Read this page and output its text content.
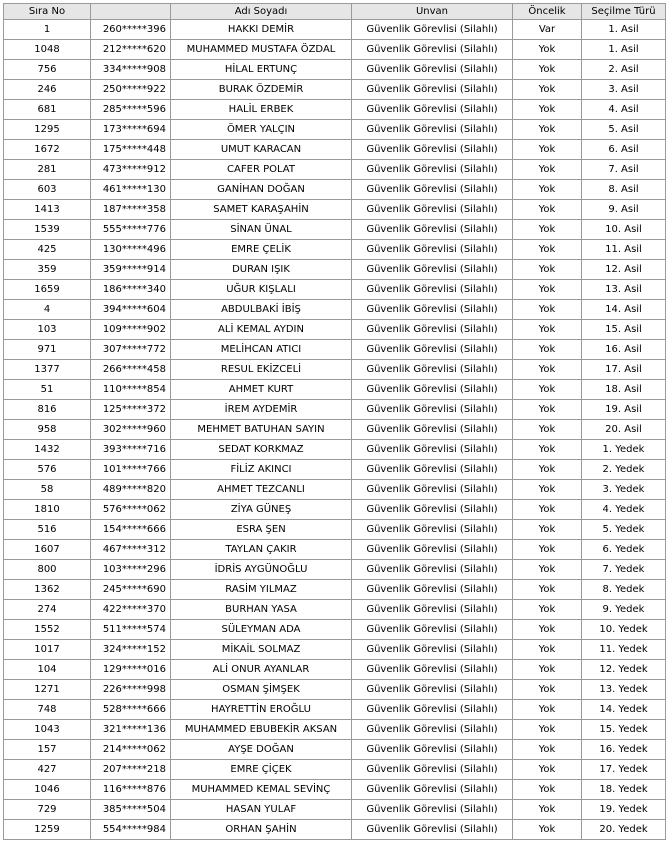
Sıra No		Adı Soyadı	Unvan	Öncelik	Seçilme Türü
1	260*****396	HAKKI DEMİR	Güvenlik Görevlisi (Silahlı)	Var	1. Asil
1048	212*****620	MUHAMMED MUSTAFA ÖZDAL	Güvenlik Görevlisi (Silahlı)	Yok	1. Asil
756	334*****908	HİLAL ERTUNÇ	Güvenlik Görevlisi (Silahlı)	Yok	2. Asil
246	250*****922	BURAK ÖZDEMİR	Güvenlik Görevlisi (Silahlı)	Yok	3. Asil
681	285*****596	HALİL ERBEK	Güvenlik Görevlisi (Silahlı)	Yok	4. Asil
1295	173*****694	ÖMER YALÇIN	Güvenlik Görevlisi (Silahlı)	Yok	5. Asil
1672	175*****448	UMUT KARACAN	Güvenlik Görevlisi (Silahlı)	Yok	6. Asil
281	473*****912	CAFER POLAT	Güvenlik Görevlisi (Silahlı)	Yok	7. Asil
603	461*****130	GANİHAN DOĞAN	Güvenlik Görevlisi (Silahlı)	Yok	8. Asil
1413	187*****358	SAMET KARAŞAHİN	Güvenlik Görevlisi (Silahlı)	Yok	9. Asil
1539	555*****776	SİNAN ÜNAL	Güvenlik Görevlisi (Silahlı)	Yok	10. Asil
425	130*****496	EMRE ÇELİK	Güvenlik Görevlisi (Silahlı)	Yok	11. Asil
359	359*****914	DURAN IŞIK	Güvenlik Görevlisi (Silahlı)	Yok	12. Asil
1659	186*****340	UĞUR KIŞLALI	Güvenlik Görevlisi (Silahlı)	Yok	13. Asil
4	394*****604	ABDULBAKİ İBİŞ	Güvenlik Görevlisi (Silahlı)	Yok	14. Asil
103	109*****902	ALİ KEMAL AYDIN	Güvenlik Görevlisi (Silahlı)	Yok	15. Asil
971	307*****772	MELİHCAN ATICI	Güvenlik Görevlisi (Silahlı)	Yok	16. Asil
1377	266*****458	RESUL EKİZCELİ	Güvenlik Görevlisi (Silahlı)	Yok	17. Asil
51	110*****854	AHMET KURT	Güvenlik Görevlisi (Silahlı)	Yok	18. Asil
816	125*****372	İREM AYDEMİR	Güvenlik Görevlisi (Silahlı)	Yok	19. Asil
958	302*****960	MEHMET BATUHAN SAYIN	Güvenlik Görevlisi (Silahlı)	Yok	20. Asil
1432	393*****716	SEDAT KORKMAZ	Güvenlik Görevlisi (Silahlı)	Yok	1. Yedek
576	101*****766	FİLİZ AKINCI	Güvenlik Görevlisi (Silahlı)	Yok	2. Yedek
58	489*****820	AHMET TEZCANLI	Güvenlik Görevlisi (Silahlı)	Yok	3. Yedek
1810	576*****062	ZİYA GÜNEŞ	Güvenlik Görevlisi (Silahlı)	Yok	4. Yedek
516	154*****666	ESRA ŞEN	Güvenlik Görevlisi (Silahlı)	Yok	5. Yedek
1607	467*****312	TAYLAN ÇAKIR	Güvenlik Görevlisi (Silahlı)	Yok	6. Yedek
800	103*****296	İDRİS AYGÜNOĞLU	Güvenlik Görevlisi (Silahlı)	Yok	7. Yedek
1362	245*****690	RASİM YILMAZ	Güvenlik Görevlisi (Silahlı)	Yok	8. Yedek
274	422*****370	BURHAN YASA	Güvenlik Görevlisi (Silahlı)	Yok	9. Yedek
1552	511*****574	SÜLEYMAN ADA	Güvenlik Görevlisi (Silahlı)	Yok	10. Yedek
1017	324*****152	MİKAİL SOLMAZ	Güvenlik Görevlisi (Silahlı)	Yok	11. Yedek
104	129*****016	ALİ ONUR AYANLAR	Güvenlik Görevlisi (Silahlı)	Yok	12. Yedek
1271	226*****998	OSMAN ŞİMŞEK	Güvenlik Görevlisi (Silahlı)	Yok	13. Yedek
748	528*****666	HAYRETTİN EROĞLU	Güvenlik Görevlisi (Silahlı)	Yok	14. Yedek
1043	321*****136	MUHAMMED EBUBEKİR AKSAN	Güvenlik Görevlisi (Silahlı)	Yok	15. Yedek
157	214*****062	AYŞE DOĞAN	Güvenlik Görevlisi (Silahlı)	Yok	16. Yedek
427	207*****218	EMRE ÇİÇEK	Güvenlik Görevlisi (Silahlı)	Yok	17. Yedek
1046	116*****876	MUHAMMED KEMAL SEVİNÇ	Güvenlik Görevlisi (Silahlı)	Yok	18. Yedek
729	385*****504	HASAN YULAF	Güvenlik Görevlisi (Silahlı)	Yok	19. Yedek
1259	554*****984	ORHAN ŞAHİN	Güvenlik Görevlisi (Silahlı)	Yok	20. Yedek
